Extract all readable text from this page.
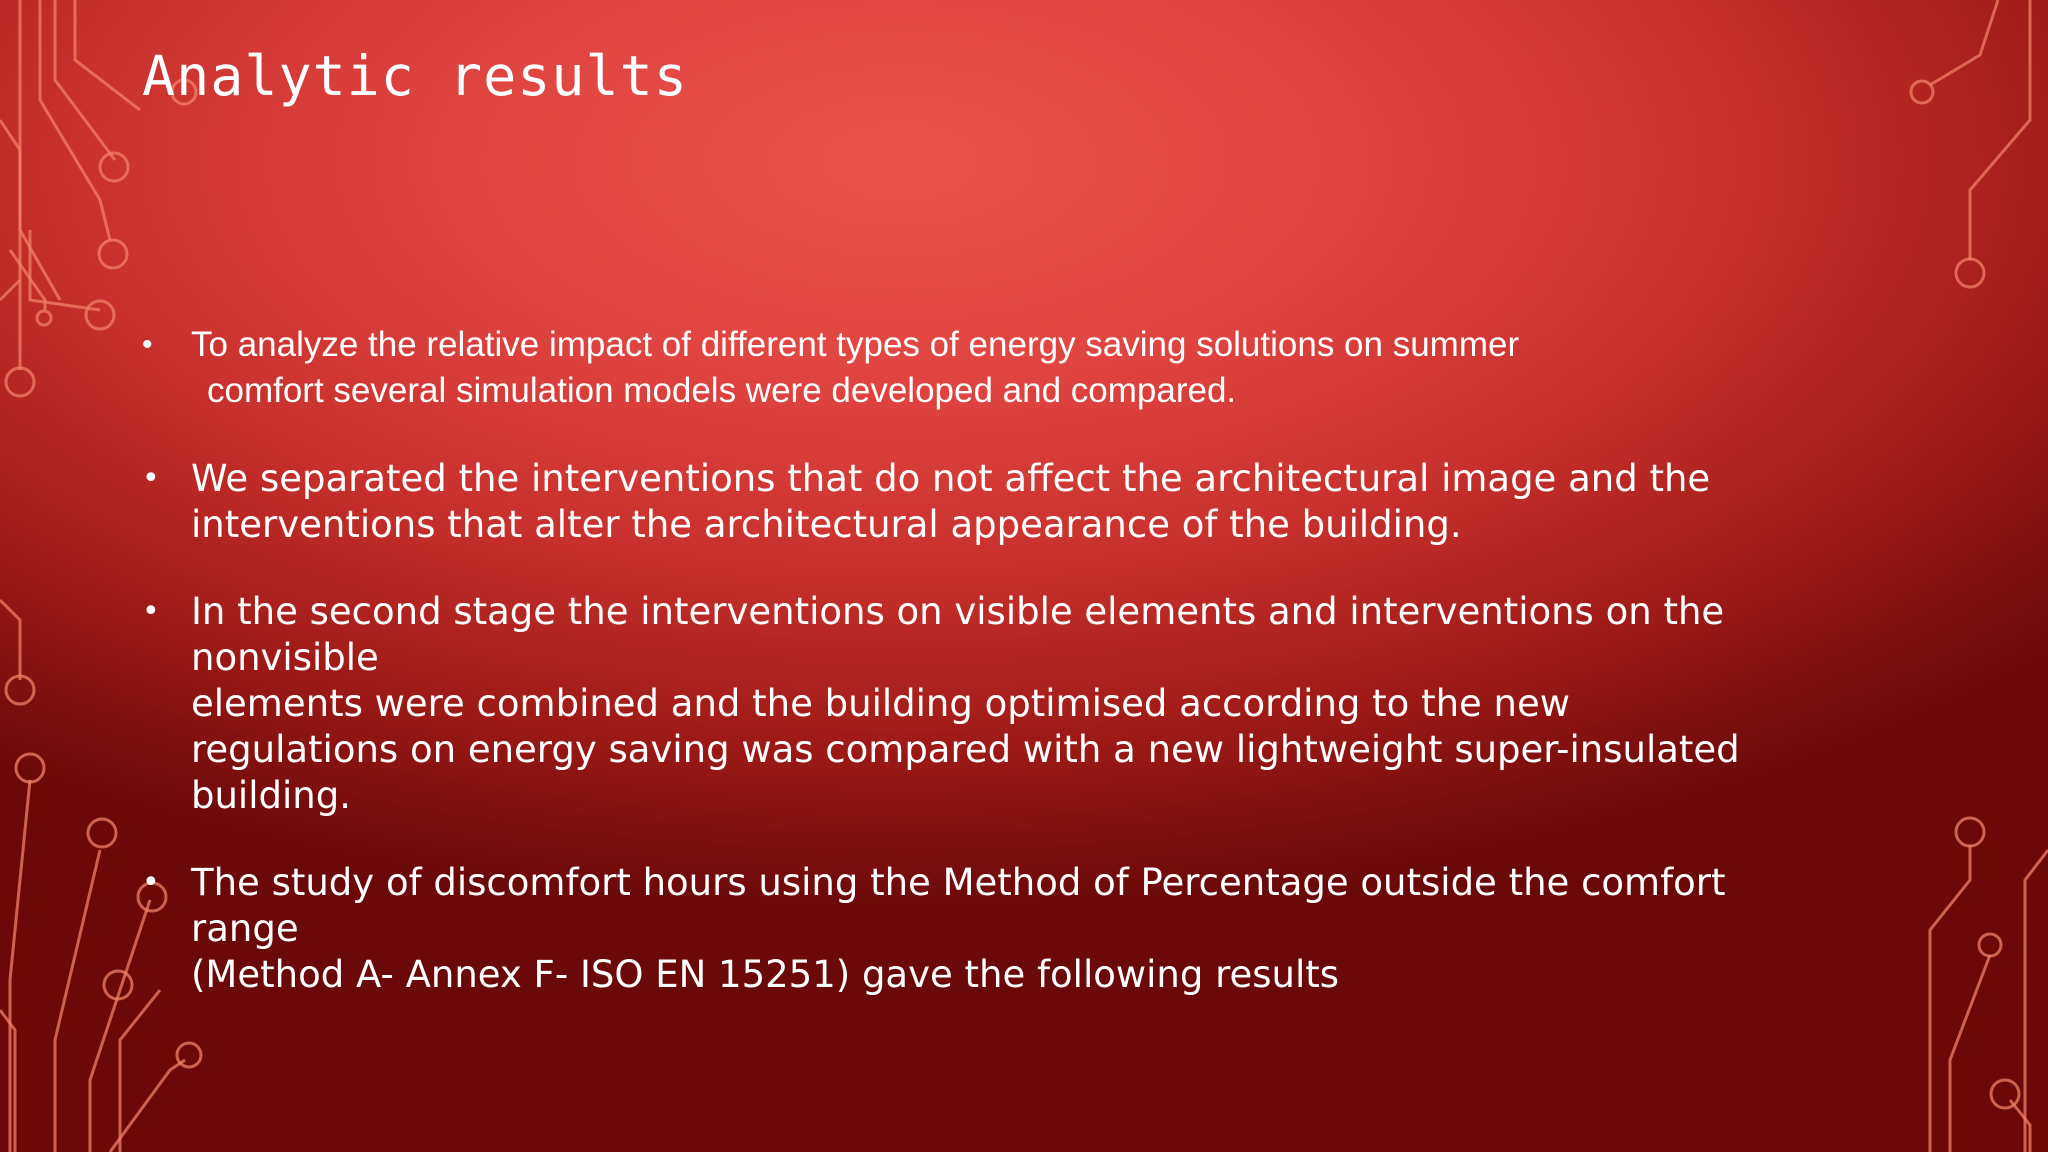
Analytic results
• To analyze the relative impact of different types of energy saving solutions on summer
comfort several simulation models were developed and compared.
• We separated the interventions that do not affect the architectural image and the
interventions that alter the architectural appearance of the building.
• In the second stage the interventions on visible elements and interventions on the
nonvisible
elements were combined and the building optimised according to the new
regulations on energy saving was compared with a new lightweight super-insulated
building.
• The study of discomfort hours using the Method of Percentage outside the comfort
range
(Method A- Annex F- ISO EN 15251) gave the following results
